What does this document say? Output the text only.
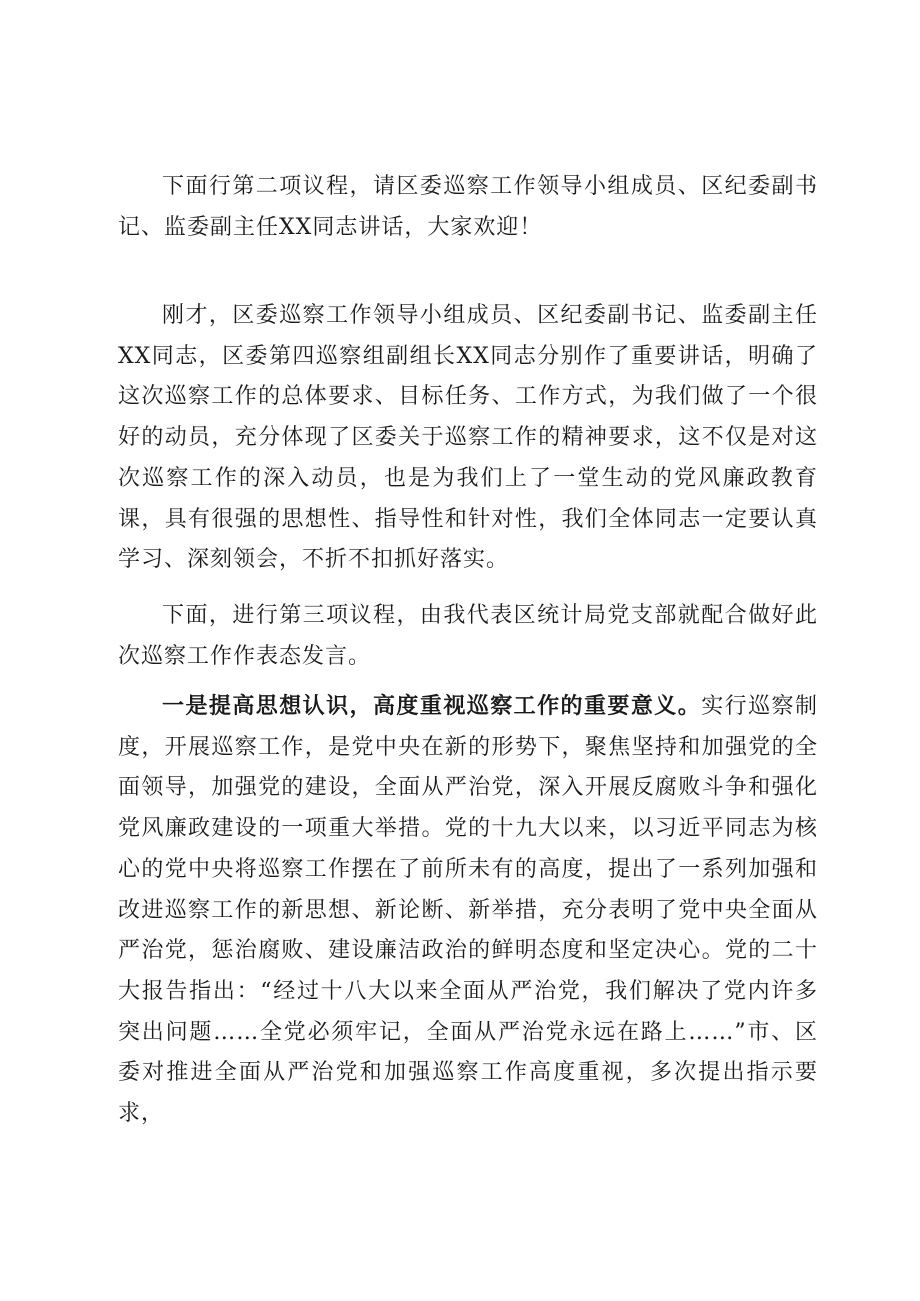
下面行第二项议程，请区委巡察工作领导小组成员、区纪委副书记、监委副主任XX同志讲话，大家欢迎！

刚才，区委巡察工作领导小组成员、区纪委副书记、监委副主任XX同志，区委第四巡察组副组长XX同志分别作了重要讲话，明确了这次巡察工作的总体要求、目标任务、工作方式，为我们做了一个很好的动员，充分体现了区委关于巡察工作的精神要求，这不仅是对这次巡察工作的深入动员，也是为我们上了一堂生动的党风廉政教育课，具有很强的思想性、指导性和针对性，我们全体同志一定要认真学习、深刻领会，不折不扣抓好落实。

下面，进行第三项议程，由我代表区统计局党支部就配合做好此次巡察工作作表态发言。

一是提高思想认识，高度重视巡察工作的重要意义。实行巡察制度，开展巡察工作，是党中央在新的形势下，聚焦坚持和加强党的全面领导，加强党的建设，全面从严治党，深入开展反腐败斗争和强化党风廉政建设的一项重大举措。党的十九大以来，以习近平同志为核心的党中央将巡察工作摆在了前所未有的高度，提出了一系列加强和改进巡察工作的新思想、新论断、新举措，充分表明了党中央全面从严治党，惩治腐败、建设廉洁政治的鲜明态度和坚定决心。党的二十大报告指出：“经过十八大以来全面从严治党，我们解决了党内许多突出问题……全党必须牢记，全面从严治党永远在路上……”市、区委对推进全面从严治党和加强巡察工作高度重视，多次提出指示要求，
